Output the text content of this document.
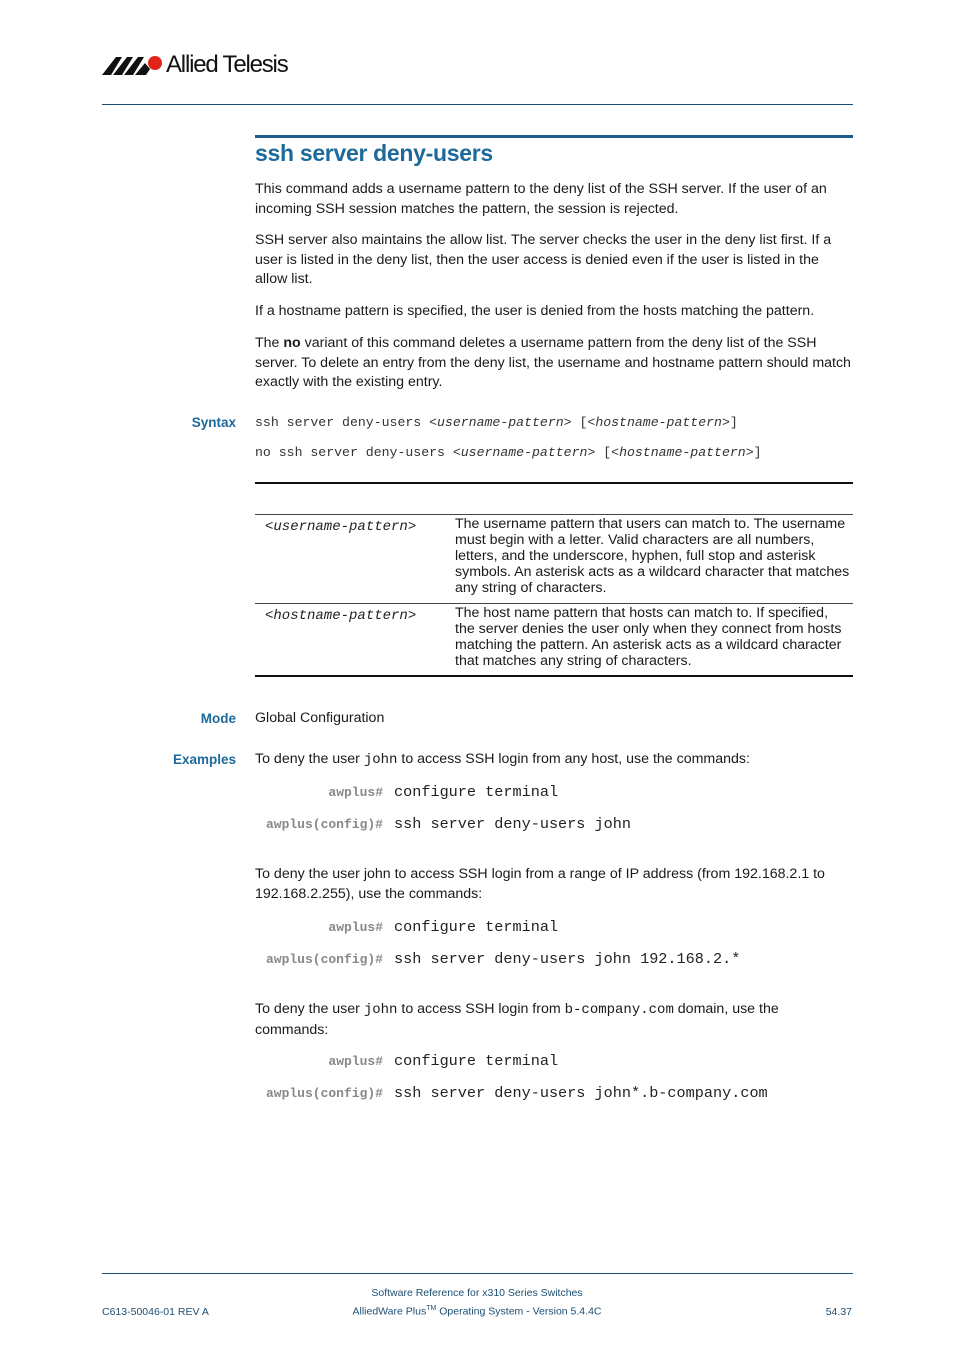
Allied Telesis
ssh server deny-users
This command adds a username pattern to the deny list of the SSH server. If the user of an incoming SSH session matches the pattern, the session is rejected.
SSH server also maintains the allow list. The server checks the user in the deny list first. If a user is listed in the deny list, then the user access is denied even if the user is listed in the allow list.
If a hostname pattern is specified, the user is denied from the hosts matching the pattern.
The no variant of this command deletes a username pattern from the deny list of the SSH server. To delete an entry from the deny list, the username and hostname pattern should match exactly with the existing entry.
Syntax ssh server deny-users <username-pattern> [<hostname-pattern>]
no ssh server deny-users <username-pattern> [<hostname-pattern>]
<username-pattern>	The username pattern that users can match to. The username must begin with a letter. Valid characters are all numbers, letters, and the underscore, hyphen, full stop and asterisk symbols. An asterisk acts as a wildcard character that matches any string of characters.
<hostname-pattern>	The host name pattern that hosts can match to. If specified, the server denies the user only when they connect from hosts matching the pattern. An asterisk acts as a wildcard character that matches any string of characters.
Mode Global Configuration
Examples To deny the user john to access SSH login from any host, use the commands:
awplus# configure terminal
awplus(config)# ssh server deny-users john
To deny the user john to access SSH login from a range of IP address (from 192.168.2.1 to 192.168.2.255), use the commands:
awplus# configure terminal
awplus(config)# ssh server deny-users john 192.168.2.*
To deny the user john to access SSH login from b-company.com domain, use the commands:
awplus# configure terminal
awplus(config)# ssh server deny-users john*.b-company.com
C613-50046-01 REV A
Software Reference for x310 Series Switches
AlliedWare Plus™ Operating System - Version 5.4.4C	54.37
